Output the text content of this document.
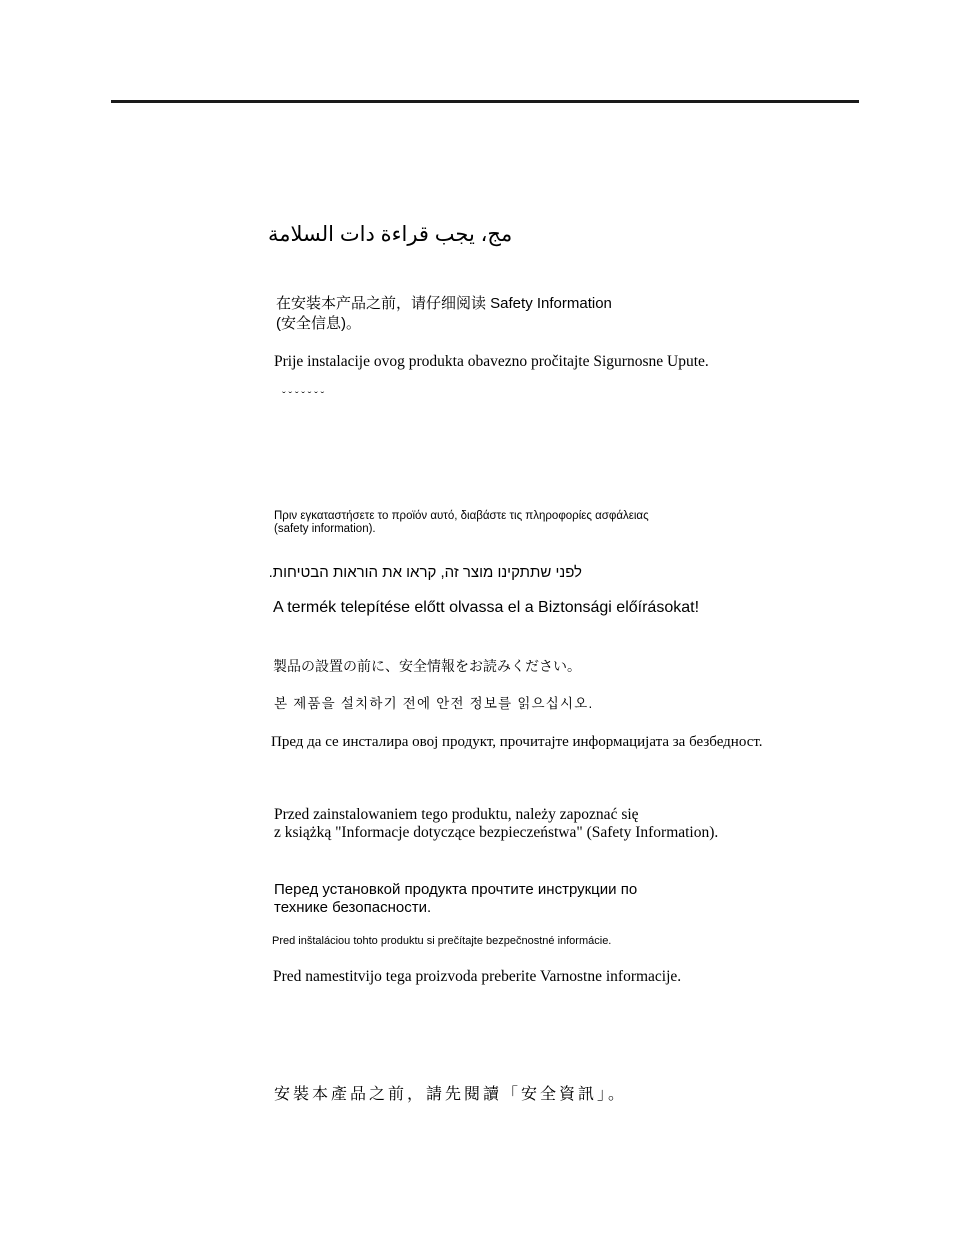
مج، يجب قراءة دات السلامة
在安装本产品之前，请仔细阅读 Safety Information
(安全信息)。
Prije instalacije ovog produkta obavezno pročitajte Sigurnosne Upute.
ˇ ˇ ˇ ˇ ˇ ˇ ˇ
Πριν εγκαταστήσετε το προϊόν αυτό, διαβάστε τις πληροφορίες ασφάλειας
(safety information).
לפני שתתקינו מוצר זה, קראו את הוראות הבטיחות.
A termék telepítése előtt olvassa el a Biztonsági előírásokat!
製品の設置の前に、安全情報をお読みください。
본 제품을 설치하기 전에 안전 정보를 읽으십시오.
Пред да се инсталира овој продукт, прочитајте информацијата за безбедност.
Przed zainstalowaniem tego produktu, należy zapoznać się
z książką "Informacje dotyczące bezpieczeństwa" (Safety Information).
Перед установкой продукта прочтите инструкции по
технике безопасности.
Pred inštaláciou tohto produktu si prečítajte bezpečnostné informácie.
Pred namestitvijo tega proizvoda preberite Varnostne informacije.
安裝本產品之前，請先閱讀「安全資訊」。
